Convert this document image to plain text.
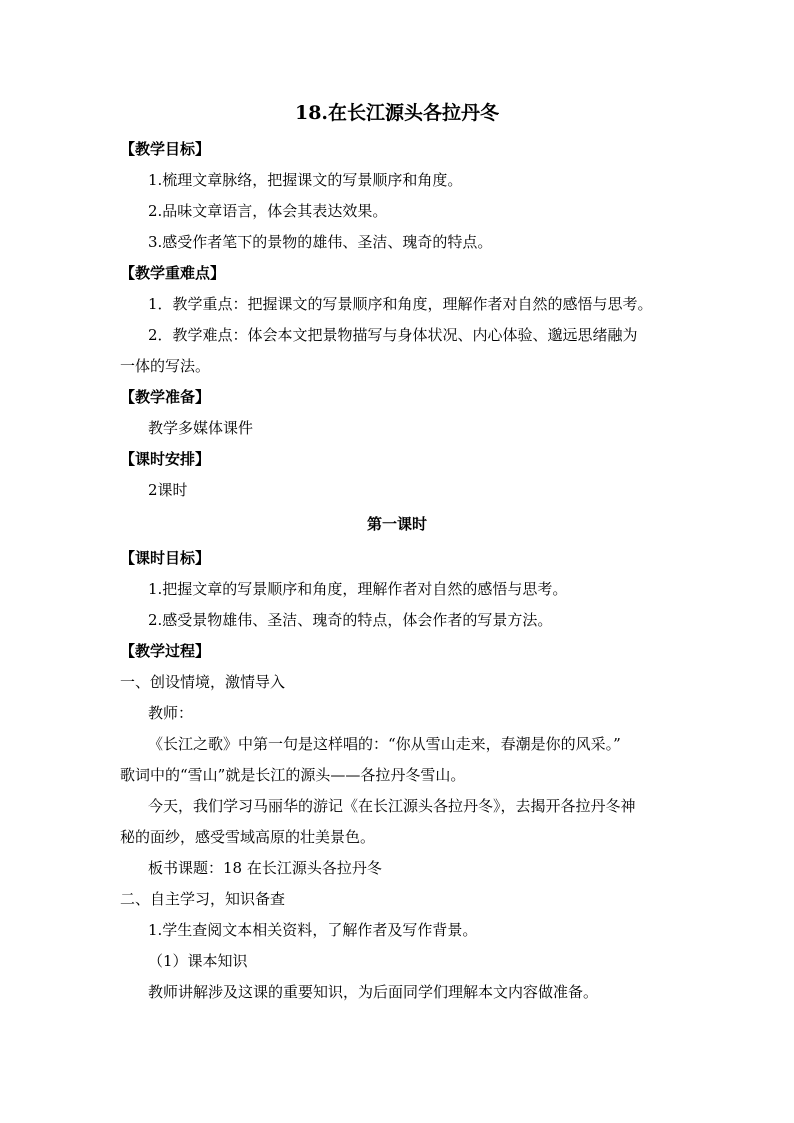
18.在长江源头各拉丹冬
【教学目标】
1.梳理文章脉络，把握课文的写景顺序和角度。
2.品味文章语言，体会其表达效果。
3.感受作者笔下的景物的雄伟、圣洁、瑰奇的特点。
【教学重难点】
1．教学重点：把握课文的写景顺序和角度，理解作者对自然的感悟与思考。
2．教学难点：体会本文把景物描写与身体状况、内心体验、邈远思绪融为
一体的写法。
【教学准备】
教学多媒体课件
【课时安排】
2课时
第一课时
【课时目标】
1.把握文章的写景顺序和角度，理解作者对自然的感悟与思考。
2.感受景物雄伟、圣洁、瑰奇的特点，体会作者的写景方法。
【教学过程】
一、创设情境，激情导入
教师：
《长江之歌》中第一句是这样唱的：“你从雪山走来，春潮是你的风采。”
歌词中的“雪山”就是长江的源头——各拉丹冬雪山。
今天，我们学习马丽华的游记《在长江源头各拉丹冬》，去揭开各拉丹冬神
秘的面纱，感受雪域高原的壮美景色。
板书课题：18 在长江源头各拉丹冬
二、自主学习，知识备查
1.学生查阅文本相关资料，了解作者及写作背景。
（1）课本知识
教师讲解涉及这课的重要知识，为后面同学们理解本文内容做准备。
